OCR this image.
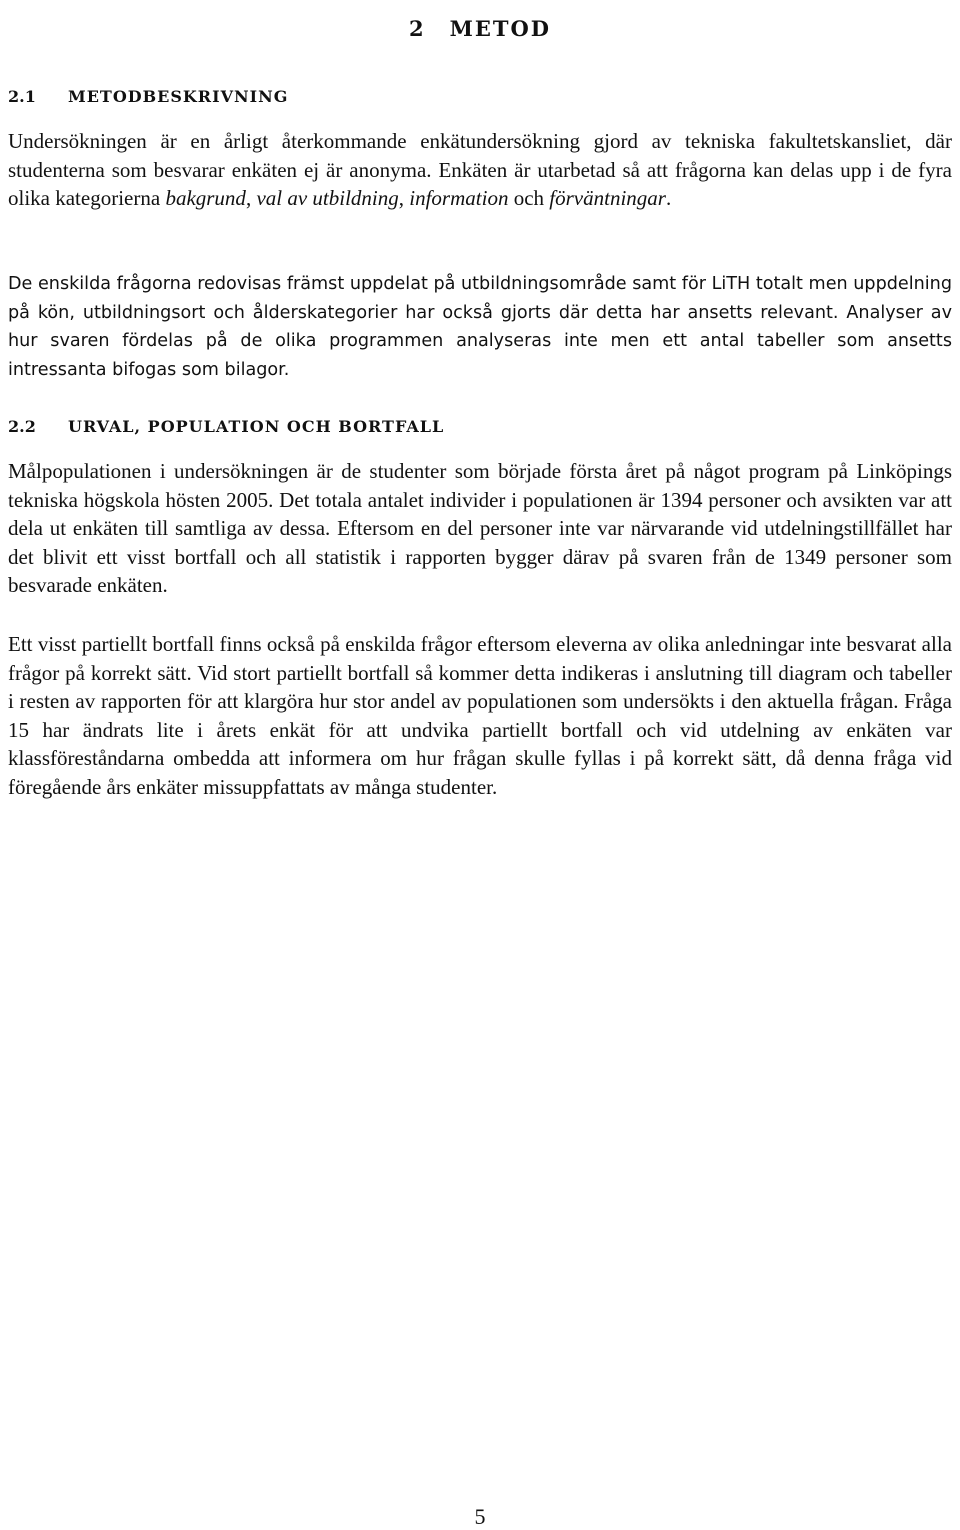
2 METOD
2.1 METODBESKRIVNING

Undersökningen är en årligt återkommande enkätundersökning gjord av tekniska fakultetskansliet, där studenterna som besvarar enkäten ej är anonyma. Enkäten är utarbetad så att frågorna kan delas upp i de fyra olika kategorierna bakgrund, val av utbildning, information och förväntningar.

De enskilda frågorna redovisas främst uppdelat på utbildningsområde samt för LiTH totalt men uppdelning på kön, utbildningsort och ålderskategorier har också gjorts där detta har ansetts relevant. Analyser av hur svaren fördelas på de olika programmen analyseras inte men ett antal tabeller som ansetts intressanta bifogas som bilagor.

2.2 URVAL, POPULATION OCH BORTFALL

Målpopulationen i undersökningen är de studenter som började första året på något program på Linköpings tekniska högskola hösten 2005. Det totala antalet individer i populationen är 1394 personer och avsikten var att dela ut enkäten till samtliga av dessa. Eftersom en del personer inte var närvarande vid utdelningstillfället har det blivit ett visst bortfall och all statistik i rapporten bygger därav på svaren från de 1349 personer som besvarade enkäten.

Ett visst partiellt bortfall finns också på enskilda frågor eftersom eleverna av olika anledningar inte besvarat alla frågor på korrekt sätt. Vid stort partiellt bortfall så kommer detta indikeras i anslutning till diagram och tabeller i resten av rapporten för att klargöra hur stor andel av populationen som undersökts i den aktuella frågan. Fråga 15 har ändrats lite i årets enkät för att undvika partiellt bortfall och vid utdelning av enkäten var klassföreståndarna ombedda att informera om hur frågan skulle fyllas i på korrekt sätt, då denna fråga vid föregående års enkäter missuppfattats av många studenter.

5
